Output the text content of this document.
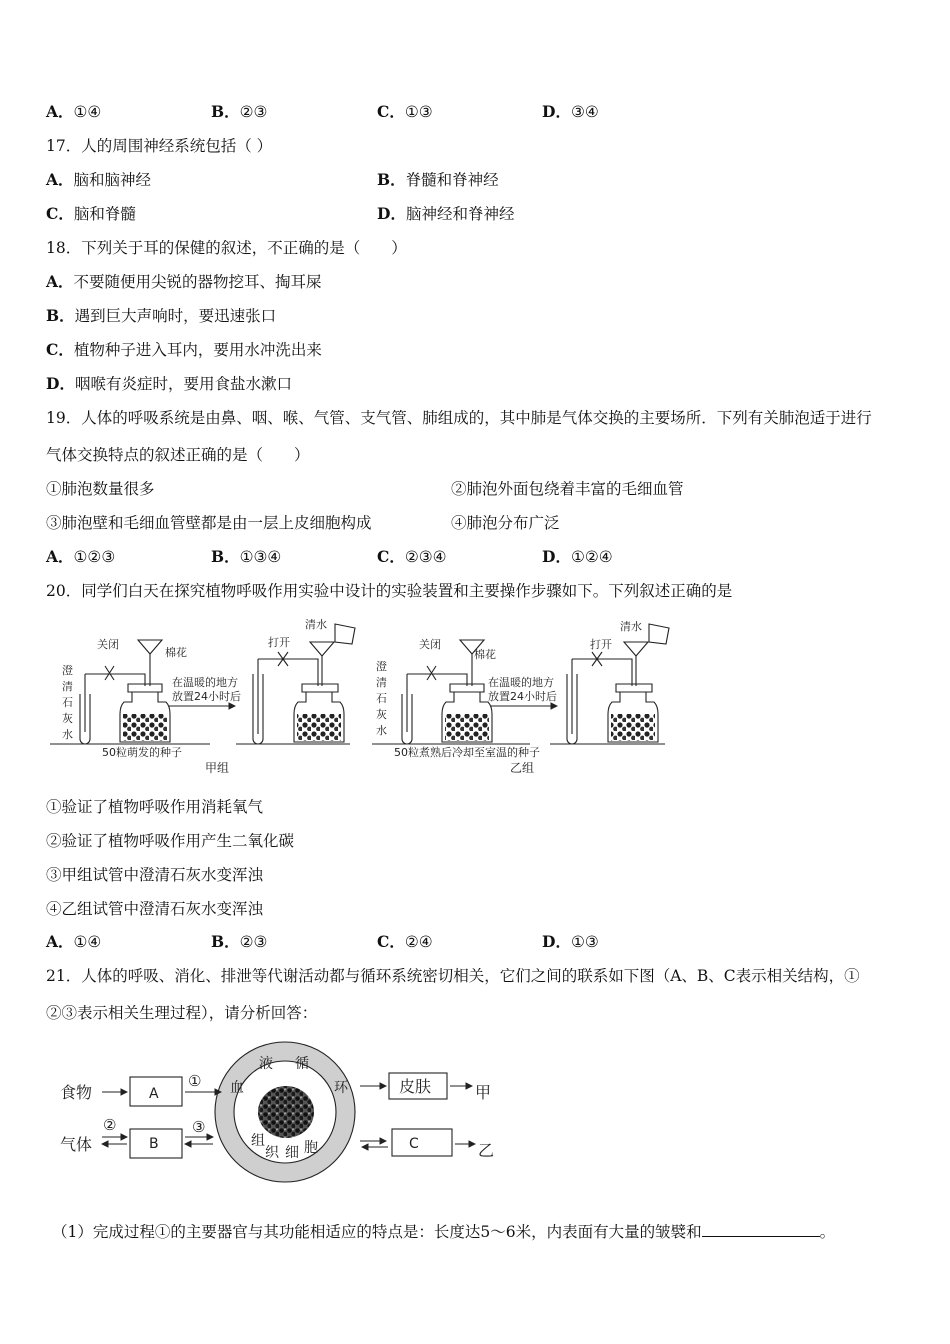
A．①④	B．②③	C．①③	D．③④
17．人的周围神经系统包括（ ）
A．脑和脑神经	B．脊髓和脊神经
C．脑和脊髓	D．脑神经和脊神经
18．下列关于耳的保健的叙述，不正确的是（　　）
A．不要随便用尖锐的器物挖耳、掏耳屎
B．遇到巨大声响时，要迅速张口
C．植物种子进入耳内，要用水冲洗出来
D．咽喉有炎症时，要用食盐水漱口
19．人体的呼吸系统是由鼻、咽、喉、气管、支气管、肺组成的，其中肺是气体交换的主要场所．下列有关肺泡适于进行
气体交换特点的叙述正确的是（　　）
①肺泡数量很多	②肺泡外面包绕着丰富的毛细血管
③肺泡壁和毛细血管壁都是由一层上皮细胞构成	④肺泡分布广泛
A．①②③	B．①③④	C．②③④	D．①②④
20．同学们白天在探究植物呼吸作用实验中设计的实验装置和主要操作步骤如下。下列叙述正确的是
关闭
棉花
澄
清
石
灰
水
在温暖的地方
放置24小时后
打开
清水
50粒萌发的种子
甲组
关闭
棉花
澄
清
石
灰
水
在温暖的地方
放置24小时后
打开
清水
50粒煮熟后冷却至室温的种子
乙组
①验证了植物呼吸作用消耗氧气
②验证了植物呼吸作用产生二氧化碳
③甲组试管中澄清石灰水变浑浊
④乙组试管中澄清石灰水变浑浊
A．①④	B．②③	C．②④	D．①③
21．人体的呼吸、消化、排泄等代谢活动都与循环系统密切相关，它们之间的联系如下图（A、B、C表示相关结构，①
②③表示相关生理过程），请分析回答：
食物
气体
A
B	C
皮肤	甲
乙
①
②	③
血
液 循
环
组
织 细 胞
（1）完成过程①的主要器官与其功能相适应的特点是：长度达5～6米，内表面有大量的皱襞和	。
